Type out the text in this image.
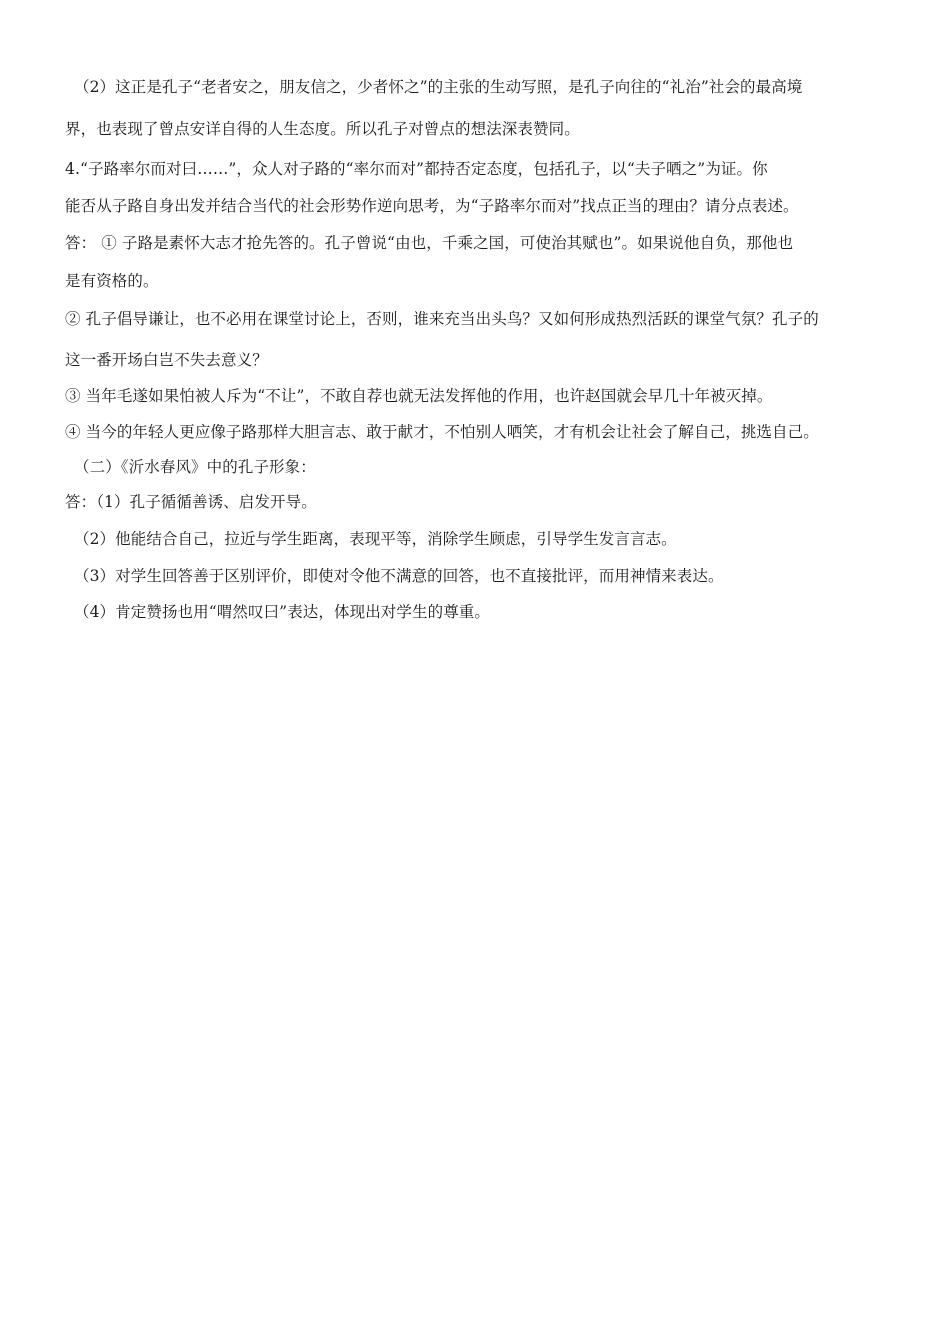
（2）这正是孔子“老者安之，朋友信之，少者怀之”的主张的生动写照，是孔子向往的“礼治”社会的最高境
界，也表现了曾点安详自得的人生态度。所以孔子对曾点的想法深表赞同。
4.“子路率尔而对曰……”，众人对子路的“率尔而对”都持否定态度，包括孔子，以“夫子哂之”为证。你
能否从子路自身出发并结合当代的社会形势作逆向思考，为“子路率尔而对”找点正当的理由？请分点表述。
答： ① 子路是素怀大志才抢先答的。孔子曾说“由也，千乘之国，可使治其赋也”。如果说他自负，那他也
是有资格的。
② 孔子倡导谦让，也不必用在课堂讨论上，否则，谁来充当出头鸟？又如何形成热烈活跃的课堂气氛？孔子的
这一番开场白岂不失去意义？
③ 当年毛遂如果怕被人斥为“不让”，不敢自荐也就无法发挥他的作用，也许赵国就会早几十年被灭掉。
④ 当今的年轻人更应像子路那样大胆言志、敢于献才，不怕别人哂笑，才有机会让社会了解自己，挑选自己。
（二）《沂水春风》中的孔子形象：
答：（1）孔子循循善诱、启发开导。
（2）他能结合自己，拉近与学生距离，表现平等，消除学生顾虑，引导学生发言言志。
（3）对学生回答善于区别评价，即使对令他不满意的回答，也不直接批评，而用神情来表达。
（4）肯定赞扬也用“喟然叹曰”表达，体现出对学生的尊重。
